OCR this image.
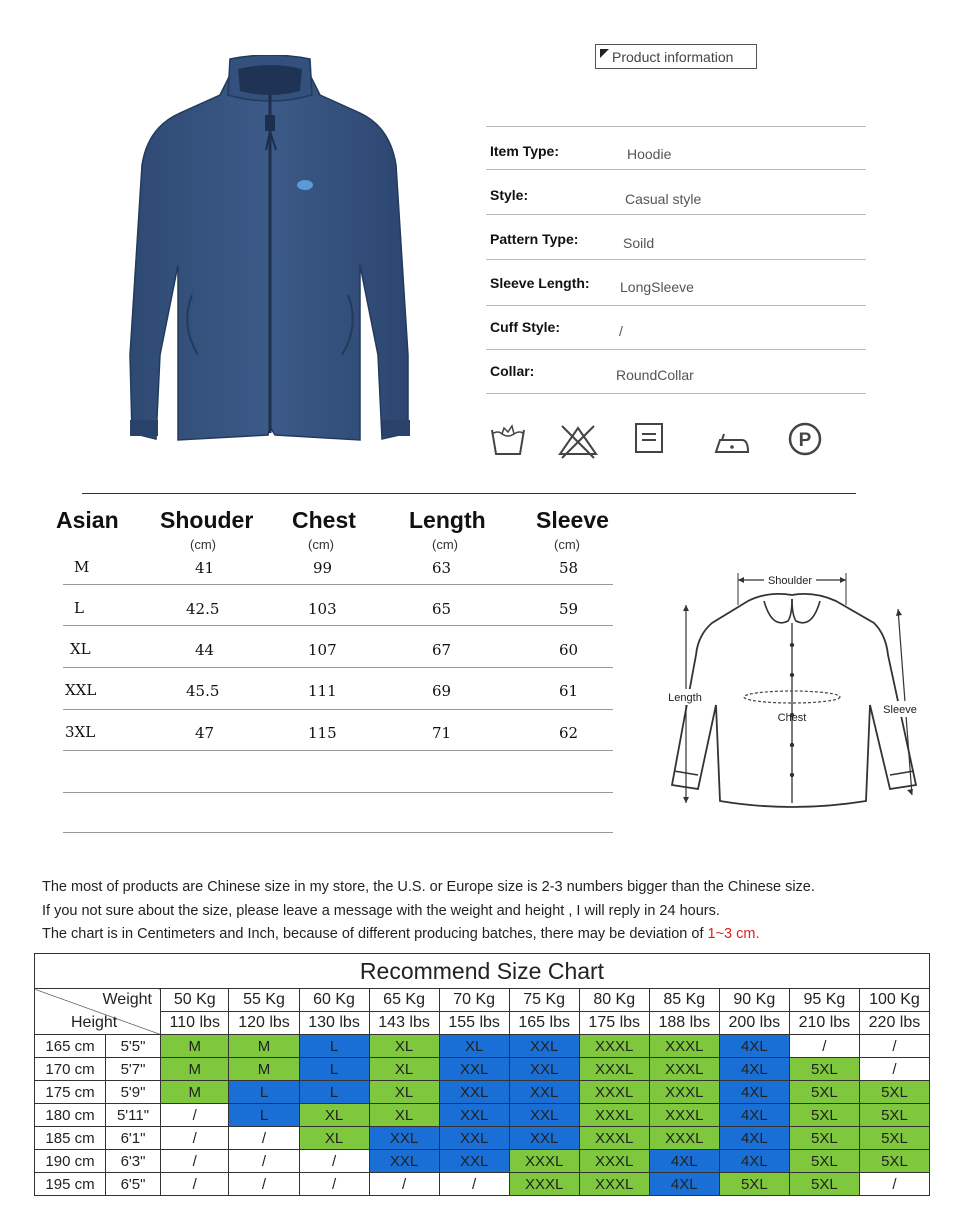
Product information
Item Type:	Hoodie
Style:	Casual style
Pattern Type:	Soild
Sleeve Length: LongSleeve
Cuff Style:	/
Collar:	RoundCollar
P
Asian Shouder Chest Length Sleeve
(cm)	(cm)	(cm)	(cm)
M	41	99	63	58
L	42.5	103	65	59
XL	44	107	67	60
XXL	45.5	111	69	61
3XL	47	115	71	62
Shoulder
Length
Sleeve
Chest
The most of products are Chinese size in my store, the U.S. or Europe size is 2-3 numbers bigger than the Chinese size.
If you not sure about the size, please leave a message with the weight and height , I will reply in 24 hours.
The chart is in Centimeters and Inch, because of different producing batches, there may be deviation of 1~3 cm.
Recommend Size Chart												

Weight
Height		50 Kg	55 Kg	60 Kg	65 Kg	70 Kg	75 Kg	80 Kg	85 Kg	90 Kg	95 Kg	100 Kg
		110 lbs	120 lbs	130 lbs	143 lbs	155 lbs	165 lbs	175 lbs	188 lbs	200 lbs	210 lbs	220 lbs
165 cm	5'5"	M	M	L	XL	XL	XXL	XXXL	XXXL	4XL	/	/
170 cm	5'7"	M	M	L	XL	XXL	XXL	XXXL	XXXL	4XL	5XL	/
175 cm	5'9"	M	L	L	XL	XXL	XXL	XXXL	XXXL	4XL	5XL	5XL
180 cm	5'11"	/	L	XL	XL	XXL	XXL	XXXL	XXXL	4XL	5XL	5XL
185 cm	6'1"	/	/	XL	XXL	XXL	XXL	XXXL	XXXL	4XL	5XL	5XL
190 cm	6'3"	/	/	/	XXL	XXL	XXXL	XXXL	4XL	4XL	5XL	5XL
195 cm	6'5"	/	/	/	/	/	XXXL	XXXL	4XL	5XL	5XL	/
